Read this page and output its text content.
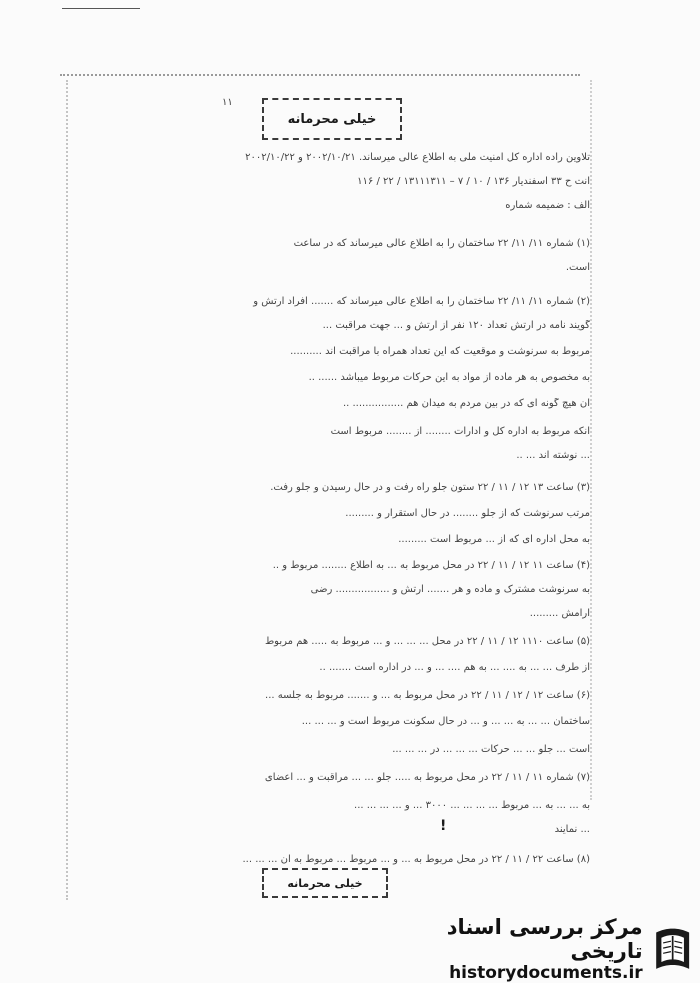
۱۱
خیلی محرمانه
تلاوین راده اداره کل امنیت ملی به اطلاع عالی میرساند. ۲۰۰۲/۱۰/۲۱ و ۲۰۰۲/۱۰/۲۲
انت ح ۳۳ اسفندیار ۱۳۶ / ۱۰ / ۷ – ۱۳۱۱۱۳۱۱ / ۲۲ / ۱۱۶
الف : ضمیمه شماره
(۱) شماره ۱۱/ ۱۱/ ۲۲ ساختمان را به اطلاع عالی میرساند که در ساعت
است.
(۲) شماره ۱۱/ ۱۱/ ۲۲ ساختمان را به اطلاع عالی میرساند که ....... افراد ارتش و
گویند نامه در ارتش تعداد ۱۲۰ نفر از ارتش و ... جهت مراقبت ...
مربوط به سرنوشت و موقعیت که این تعداد همراه با مراقبت اند ..........
به مخصوص به هر ماده از مواد به این حرکات مربوط میباشد ...... ..
آن هیچ گونه ای که در بین مردم به میدان هم ................ ..
آنکه مربوط به اداره کل و ادارات ........ از ........ مربوط است
... نوشته اند ... ..
(۳) ساعت ۱۳ ۱۲ / ۱۱ / ۲۲ ستون جلو راه رفت و در حال رسیدن و جلو رفت.
مرتب سرنوشت که از جلو ........ در حال استقرار و .........
به محل اداره ای که از ... مربوط است .........
(۴) ساعت ۱۱ ۱۲ / ۱۱ / ۲۲ در محل مربوط به ... به اطلاع ........ مربوط و ..
به سرنوشت مشترک و ماده و هر ....... ارتش و ................. رضی
آرامش .........
(۵) ساعت ۱۱۱۰ ۱۲ / ۱۱ / ۲۲ در محل ... ... ... و ... مربوط به ..... هم مربوط
از طرف ... ... به .... ... به هم .... ... و ... در اداره است ....... ..
(۶) ساعت ۱۲ / ۱۲ / ۱۱ / ۲۲ در محل مربوط به ... و ....... مربوط به جلسه ...
ساختمان ... ... به ... ... و ... در حال سکونت مربوط است و ... ... ...
است ... جلو ... ... حرکات ... ... ... در ... ... ...
(۷) شماره ۱۱ / ۱۱ / ۲۲ در محل مربوط به ..... جلو ... ... مراقبت و ... اعضای
به ... ... به ... مربوط ... ... ... ... ۳۰۰۰ ... و ... ... ... ...
... نمایند
(۸) ساعت ۲۲ / ۱۱ / ۲۲ در محل مربوط به ... و ... مربوط ... مربوط به آن ... ... ...
!
خیلی محرمانه
مرکز بررسی اسناد تاریخی
historydocuments.ir
